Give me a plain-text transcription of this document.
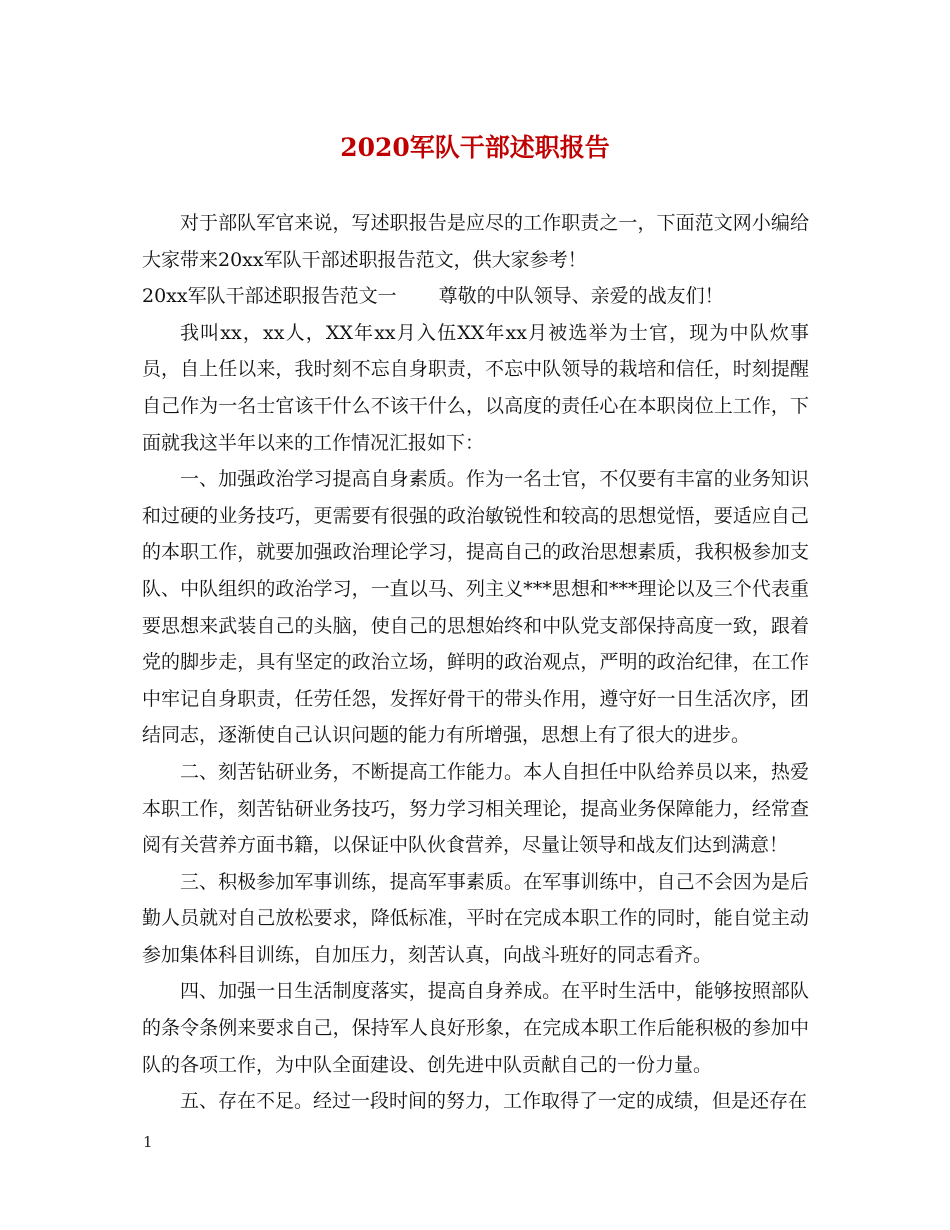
2020军队干部述职报告

对于部队军官来说，写述职报告是应尽的工作职责之一，下面范文网小编给大家带来20xx军队干部述职报告范文，供大家参考！

20xx军队干部述职报告范文一 尊敬的中队领导、亲爱的战友们！

我叫xx，xx人，XX年xx月入伍XX年xx月被选举为士官，现为中队炊事员，自上任以来，我时刻不忘自身职责，不忘中队领导的栽培和信任，时刻提醒自己作为一名士官该干什么不该干什么，以高度的责任心在本职岗位上工作，下面就我这半年以来的工作情况汇报如下：

一、加强政治学习提高自身素质。作为一名士官，不仅要有丰富的业务知识和过硬的业务技巧，更需要有很强的政治敏锐性和较高的思想觉悟，要适应自己的本职工作，就要加强政治理论学习，提高自己的政治思想素质，我积极参加支队、中队组织的政治学习，一直以马、列主义***思想和***理论以及三个代表重要思想来武装自己的头脑，使自己的思想始终和中队党支部保持高度一致，跟着党的脚步走，具有坚定的政治立场，鲜明的政治观点，严明的政治纪律，在工作中牢记自身职责，任劳任怨，发挥好骨干的带头作用，遵守好一日生活次序，团结同志，逐渐使自己认识问题的能力有所增强，思想上有了很大的进步。

二、刻苦钻研业务，不断提高工作能力。本人自担任中队给养员以来，热爱本职工作，刻苦钻研业务技巧，努力学习相关理论，提高业务保障能力，经常查阅有关营养方面书籍，以保证中队伙食营养，尽量让领导和战友们达到满意！

三、积极参加军事训练，提高军事素质。在军事训练中，自己不会因为是后勤人员就对自己放松要求，降低标准，平时在完成本职工作的同时，能自觉主动参加集体科目训练，自加压力，刻苦认真，向战斗班好的同志看齐。

四、加强一日生活制度落实，提高自身养成。在平时生活中，能够按照部队的条令条例来要求自己，保持军人良好形象，在完成本职工作后能积极的参加中队的各项工作，为中队全面建设、创先进中队贡献自己的一份力量。

五、存在不足。经过一段时间的努力，工作取得了一定的成绩，但是还存在

1
